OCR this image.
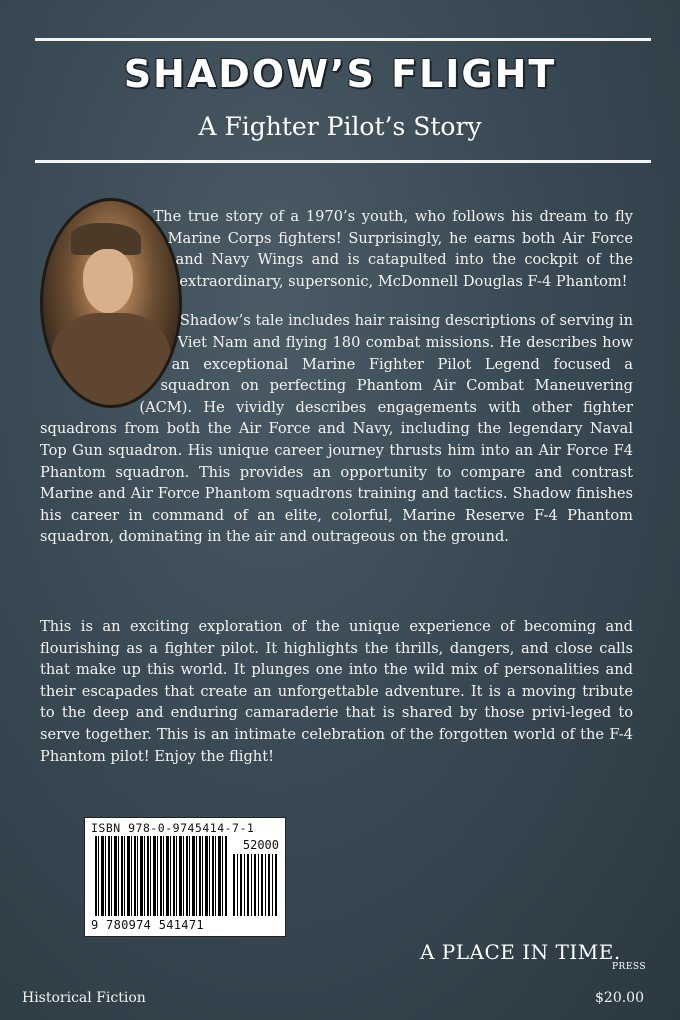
SHADOW’S FLIGHT
A Fighter Pilot’s Story

The true story of a 1970’s youth, who follows his dream to fly Marine Corps fighters! Surprisingly, he earns both Air Force and Navy Wings and is catapulted into the cockpit of the extraordinary, supersonic, McDonnell Douglas F-4 Phantom!

Shadow’s tale includes hair raising descriptions of serving in Viet Nam and flying 180 combat missions. He describes how an exceptional Marine Fighter Pilot Legend focused a squadron on perfecting Phantom Air Combat Maneuvering (ACM). He vividly describes engagements with other fighter squadrons from both the Air Force and Navy, including the legendary Naval Top Gun squadron. His unique career journey thrusts him into an Air Force F4 Phantom squadron. This provides an opportunity to compare and contrast Marine and Air Force Phantom squadrons training and tactics. Shadow finishes his career in command of an elite, colorful, Marine Reserve F-4 Phantom squadron, dominating in the air and outrageous on the ground.

This is an exciting exploration of the unique experience of becoming and flourishing as a fighter pilot. It highlights the thrills, dangers, and close calls that make up this world. It plunges one into the wild mix of personalities and their escapades that create an unforgettable adventure. It is a moving tribute to the deep and enduring camaraderie that is shared by those privi-leged to serve together. This is an intimate celebration of the forgotten world of the F-4 Phantom pilot! Enjoy the flight!

ISBN 978-0-9745414-7-1
52000
9 780974 541471
A PLACE IN TIME.
PRESS
Historical Fiction	$20.00
